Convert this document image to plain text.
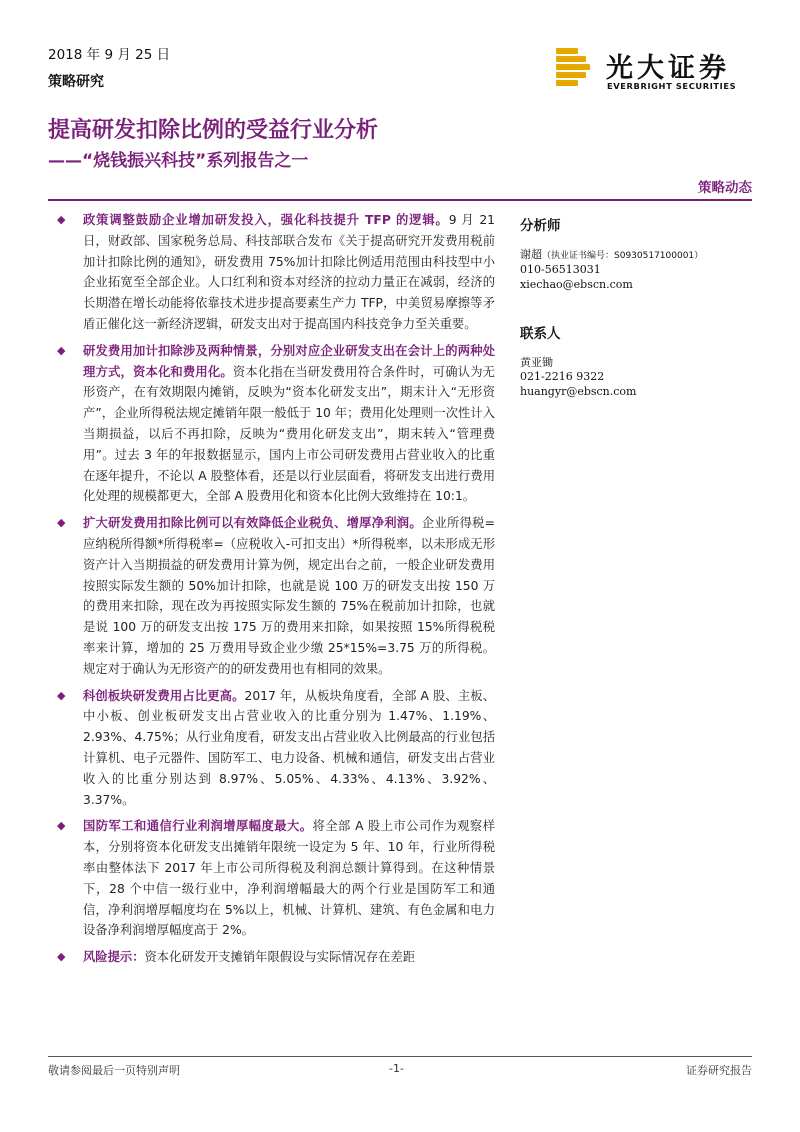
2018 年 9 月 25 日
策略研究	光大证券
EVERBRIGHT SECURITIES
提高研发扣除比例的受益行业分析
——“烧钱振兴科技”系列报告之一
策略动态
◆ 政策调整鼓励企业增加研发投入，强化科技提升 TFP 的逻辑。9 月 21 日，财政部、国家税务总局、科技部联合发布《关于提高研究开发费用税前加计扣除比例的通知》，研发费用 75%加计扣除比例适用范围由科技型中小企业拓宽至全部企业。人口红利和资本对经济的拉动力量正在减弱，经济的长期潜在增长动能将依靠技术进步提高要素生产力 TFP，中美贸易摩擦等矛盾正催化这一新经济逻辑，研发支出对于提高国内科技竞争力至关重要。
◆ 研发费用加计扣除涉及两种情景，分别对应企业研发支出在会计上的两种处理方式，资本化和费用化。资本化指在当研发费用符合条件时，可确认为无形资产，在有效期限内摊销，反映为“资本化研发支出”，期末计入“无形资产”，企业所得税法规定摊销年限一般低于 10 年；费用化处理则一次性计入当期损益，以后不再扣除，反映为“费用化研发支出”，期末转入“管理费用”。过去 3 年的年报数据显示，国内上市公司研发费用占营业收入的比重在逐年提升，不论以 A 股整体看，还是以行业层面看，将研发支出进行费用化处理的规模都更大，全部 A 股费用化和资本化比例大致维持在 10:1。
◆ 扩大研发费用扣除比例可以有效降低企业税负、增厚净利润。企业所得税=应纳税所得额*所得税率=（应税收入-可扣支出）*所得税率，以未形成无形资产计入当期损益的研发费用计算为例，规定出台之前，一般企业研发费用按照实际发生额的 50%加计扣除，也就是说 100 万的研发支出按 150 万的费用来扣除，现在改为再按照实际发生额的 75%在税前加计扣除，也就是说 100 万的研发支出按 175 万的费用来扣除，如果按照 15%所得税税率来计算，增加的 25 万费用导致企业少缴 25*15%=3.75 万的所得税。规定对于确认为无形资产的的研发费用也有相同的效果。
◆ 科创板块研发费用占比更高。2017 年，从板块角度看，全部 A 股、主板、中小板、创业板研发支出占营业收入的比重分别为 1.47%、1.19%、2.93%、4.75%；从行业角度看，研发支出占营业收入比例最高的行业包括计算机、电子元器件、国防军工、电力设备、机械和通信，研发支出占营业收入的比重分别达到 8.97%、5.05%、4.33%、4.13%、3.92%、3.37%。
◆ 国防军工和通信行业利润增厚幅度最大。将全部 A 股上市公司作为观察样本，分别将资本化研发支出摊销年限统一设定为 5 年、10 年，行业所得税率由整体法下 2017 年上市公司所得税及利润总额计算得到。在这种情景下，28 个中信一级行业中，净利润增幅最大的两个行业是国防军工和通信，净利润增厚幅度均在 5%以上，机械、计算机、建筑、有色金属和电力设备净利润增厚幅度高于 2%。
◆ 风险提示：资本化研发开支摊销年限假设与实际情况存在差距
分析师
谢超（执业证书编号：S0930517100001）
010-56513031
xiechao@ebscn.com
联系人
黄亚锄
021-2216 9322
huangyr@ebscn.com
敬请参阅最后一页特别声明	-1-	证券研究报告
